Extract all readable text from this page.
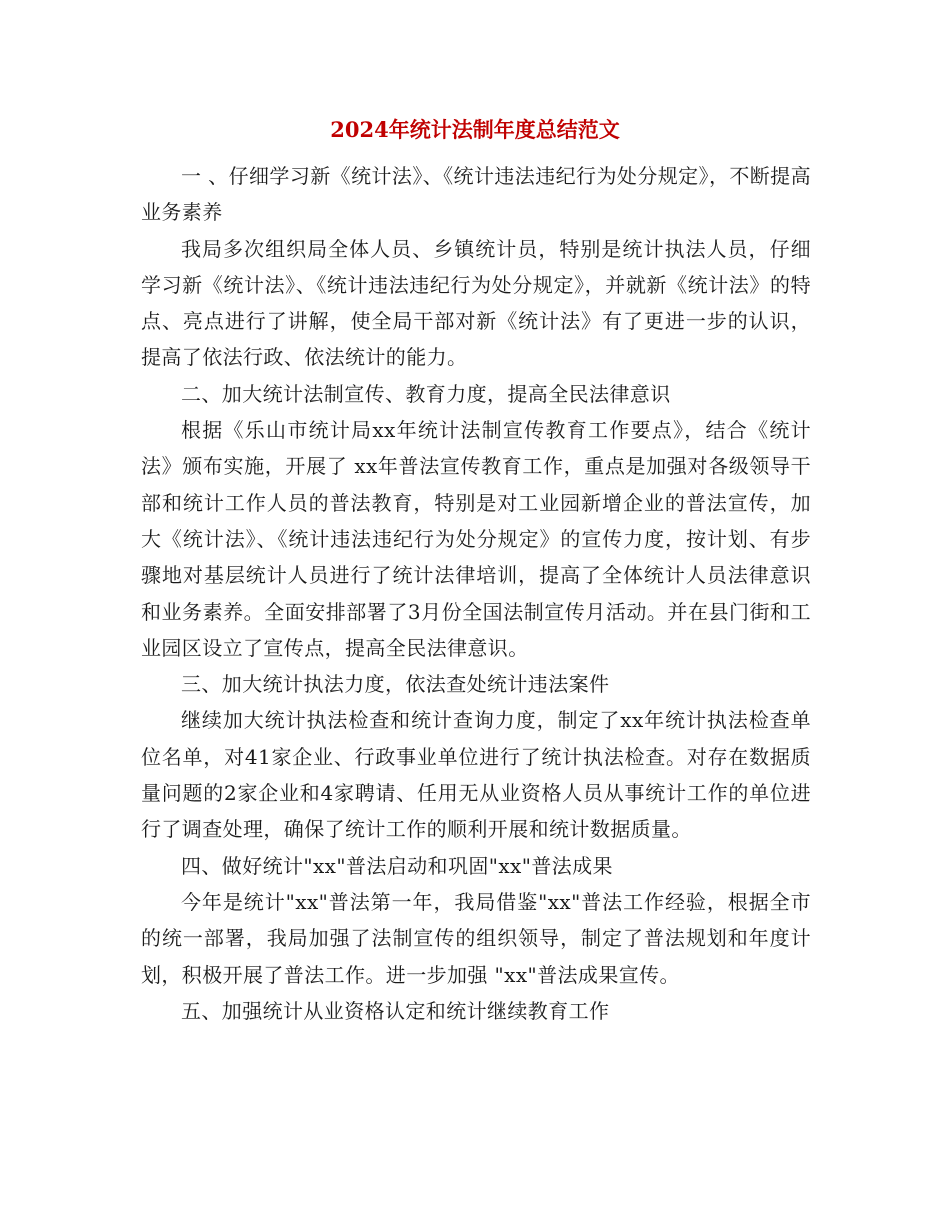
2024年统计法制年度总结范文

一 、仔细学习新《统计法》、《统计违法违纪行为处分规定》，不断提高业务素养

我局多次组织局全体人员、乡镇统计员，特别是统计执法人员，仔细学习新《统计法》、《统计违法违纪行为处分规定》，并就新《统计法》的特点、亮点进行了讲解，使全局干部对新《统计法》有了更进一步的认识，提高了依法行政、依法统计的能力。

二、加大统计法制宣传、教育力度，提高全民法律意识

根据《乐山市统计局xx年统计法制宣传教育工作要点》，结合《统计法》颁布实施，开展了 xx年普法宣传教育工作，重点是加强对各级领导干部和统计工作人员的普法教育，特别是对工业园新增企业的普法宣传，加大《统计法》、《统计违法违纪行为处分规定》的宣传力度，按计划、有步骤地对基层统计人员进行了统计法律培训，提高了全体统计人员法律意识和业务素养。全面安排部署了3月份全国法制宣传月活动。并在县门街和工业园区设立了宣传点，提高全民法律意识。

三、加大统计执法力度，依法查处统计违法案件

继续加大统计执法检查和统计查询力度，制定了xx年统计执法检查单位名单，对41家企业、行政事业单位进行了统计执法检查。对存在数据质量问题的2家企业和4家聘请、任用无从业资格人员从事统计工作的单位进行了调查处理，确保了统计工作的顺利开展和统计数据质量。

四、做好统计"xx"普法启动和巩固"xx"普法成果

今年是统计"xx"普法第一年，我局借鉴"xx"普法工作经验，根据全市的统一部署，我局加强了法制宣传的组织领导，制定了普法规划和年度计划，积极开展了普法工作。进一步加强 "xx"普法成果宣传。

五、加强统计从业资格认定和统计继续教育工作
